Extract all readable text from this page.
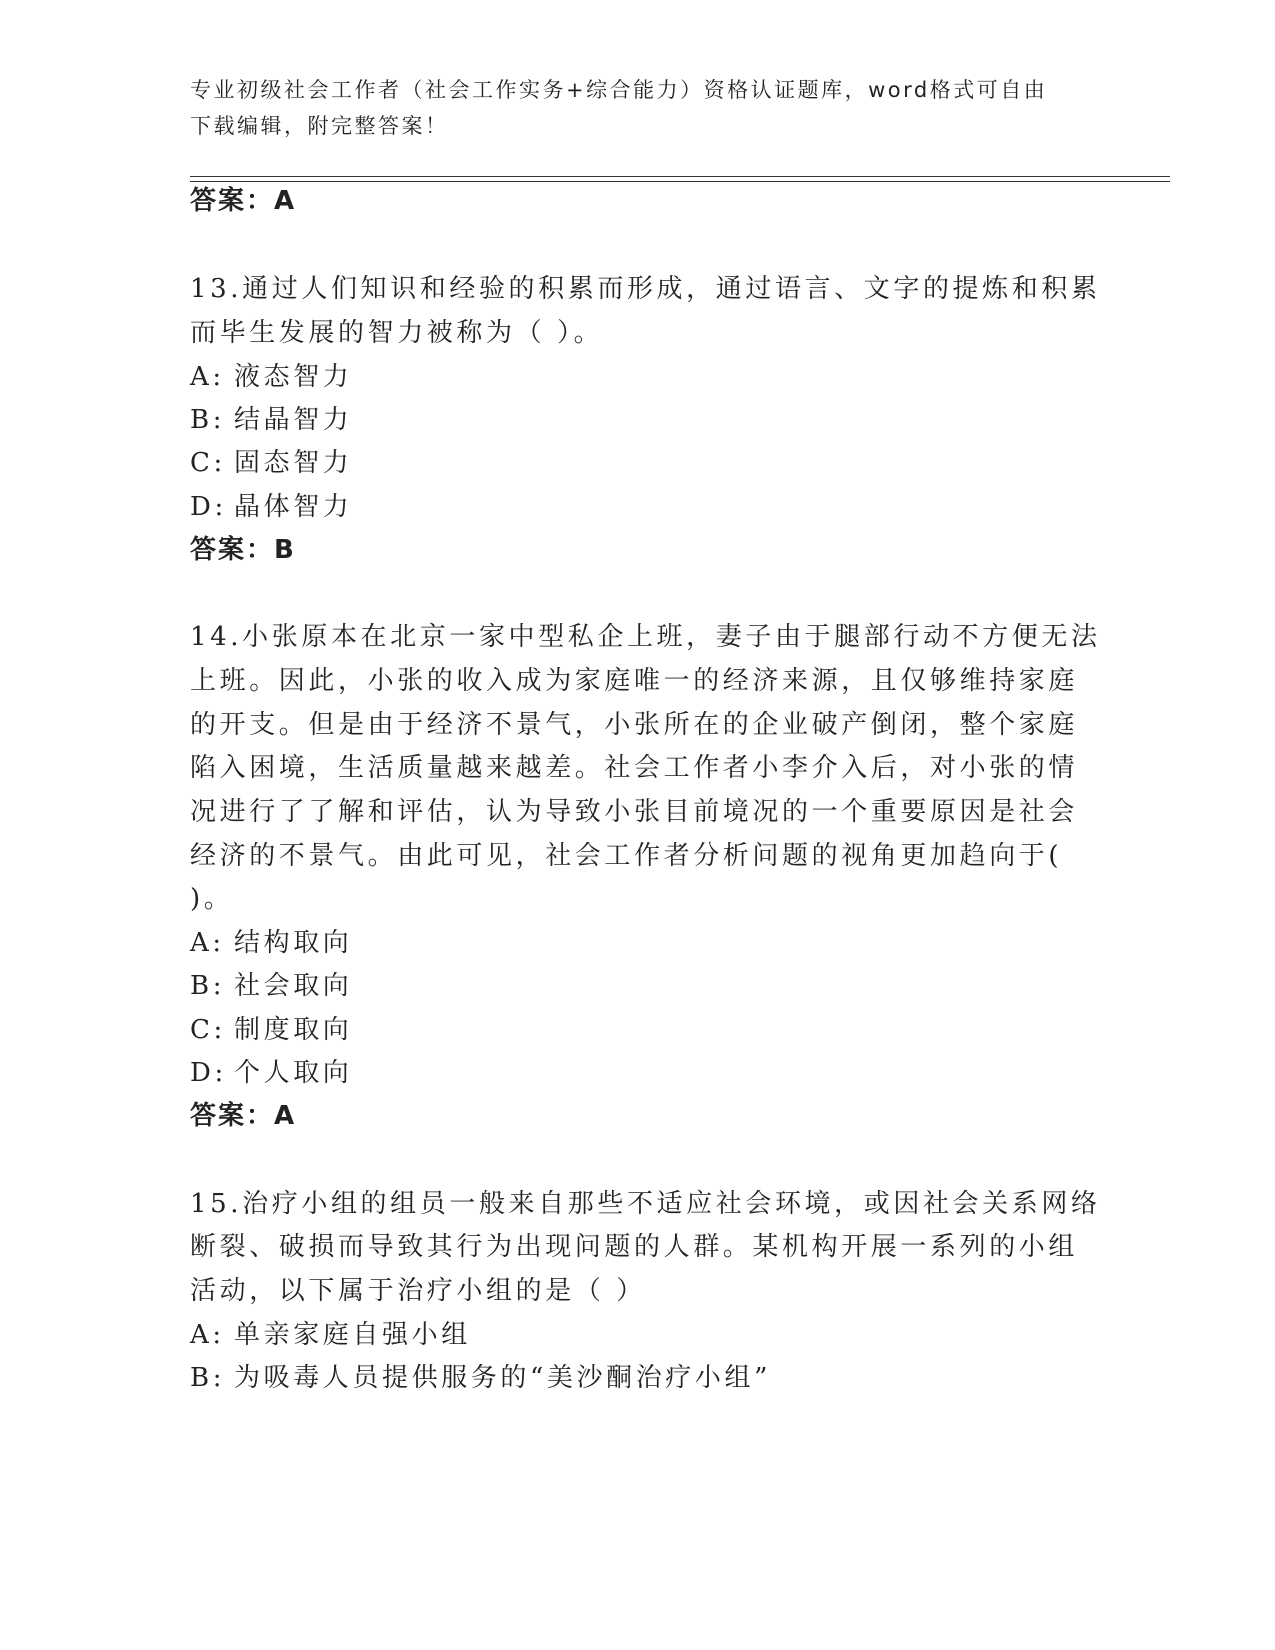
专业初级社会工作者（社会工作实务+综合能力）资格认证题库，word格式可自由
下载编辑，附完整答案！
答案：A
13.通过人们知识和经验的积累而形成，通过语言、文字的提炼和积累
而毕生发展的智力被称为（ ）。
A: 液态智力
B: 结晶智力
C: 固态智力
D: 晶体智力
答案：B
14.小张原本在北京一家中型私企上班，妻子由于腿部行动不方便无法
上班。因此，小张的收入成为家庭唯一的经济来源，且仅够维持家庭
的开支。但是由于经济不景气，小张所在的企业破产倒闭，整个家庭
陷入困境，生活质量越来越差。社会工作者小李介入后，对小张的情
况进行了了解和评估，认为导致小张目前境况的一个重要原因是社会
经济的不景气。由此可见，社会工作者分析问题的视角更加趋向于(
)。
A: 结构取向
B: 社会取向
C: 制度取向
D: 个人取向
答案：A
15.治疗小组的组员一般来自那些不适应社会环境，或因社会关系网络
断裂、破损而导致其行为出现问题的人群。某机构开展一系列的小组
活动，以下属于治疗小组的是（ ）
A: 单亲家庭自强小组
B: 为吸毒人员提供服务的“美沙酮治疗小组”
